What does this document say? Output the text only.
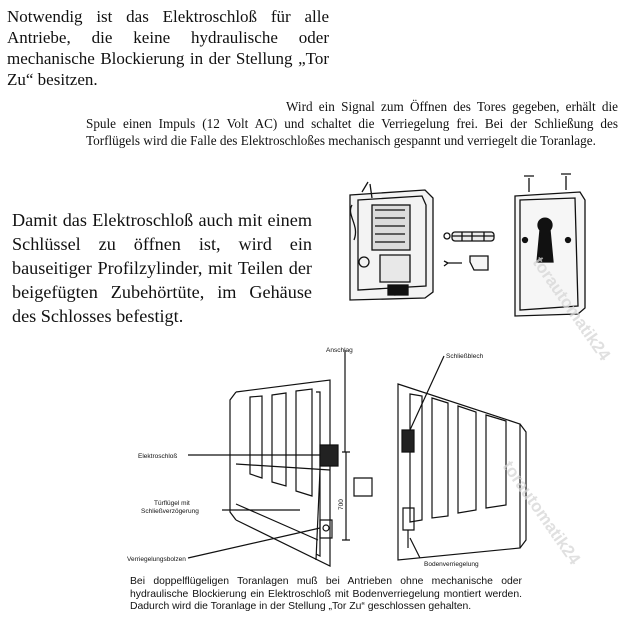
Notwendig ist das Elektroschloß für alle Antriebe, die keine hydraulische oder mechanische Blockierung in der Stellung „Tor Zu“ besitzen.

Wird ein Signal zum Öffnen des Tores gegeben, erhält die Spule einen Impuls (12 Volt AC) und schaltet die Verriegelung frei. Bei der Schließung des Torflügels wird die Falle des Elektroschloßes mechanisch gespannt und verriegelt die Toranlage.

Damit das Elektroschloß auch mit einem Schlüssel zu öffnen ist, wird ein bauseitiger Profilzylinder, mit Teilen der beigefügten Zubehörtüte, im Gehäuse des Schlosses befestigt.

Anschlag
Schließblech
Elektroschloß
Türflügel mit
Schließverzögerung
Verriegelungsbolzen
Bodenverriegelung
700
torautomatik24
torautomatik24

Bei doppelflügeligen Toranlagen muß bei Antrieben ohne mechanische oder hydraulische Blockierung ein Elektroschloß mit Bodenverriegelung montiert werden. Dadurch wird die Toranlage in der Stellung „Tor Zu“ geschlossen gehalten.
